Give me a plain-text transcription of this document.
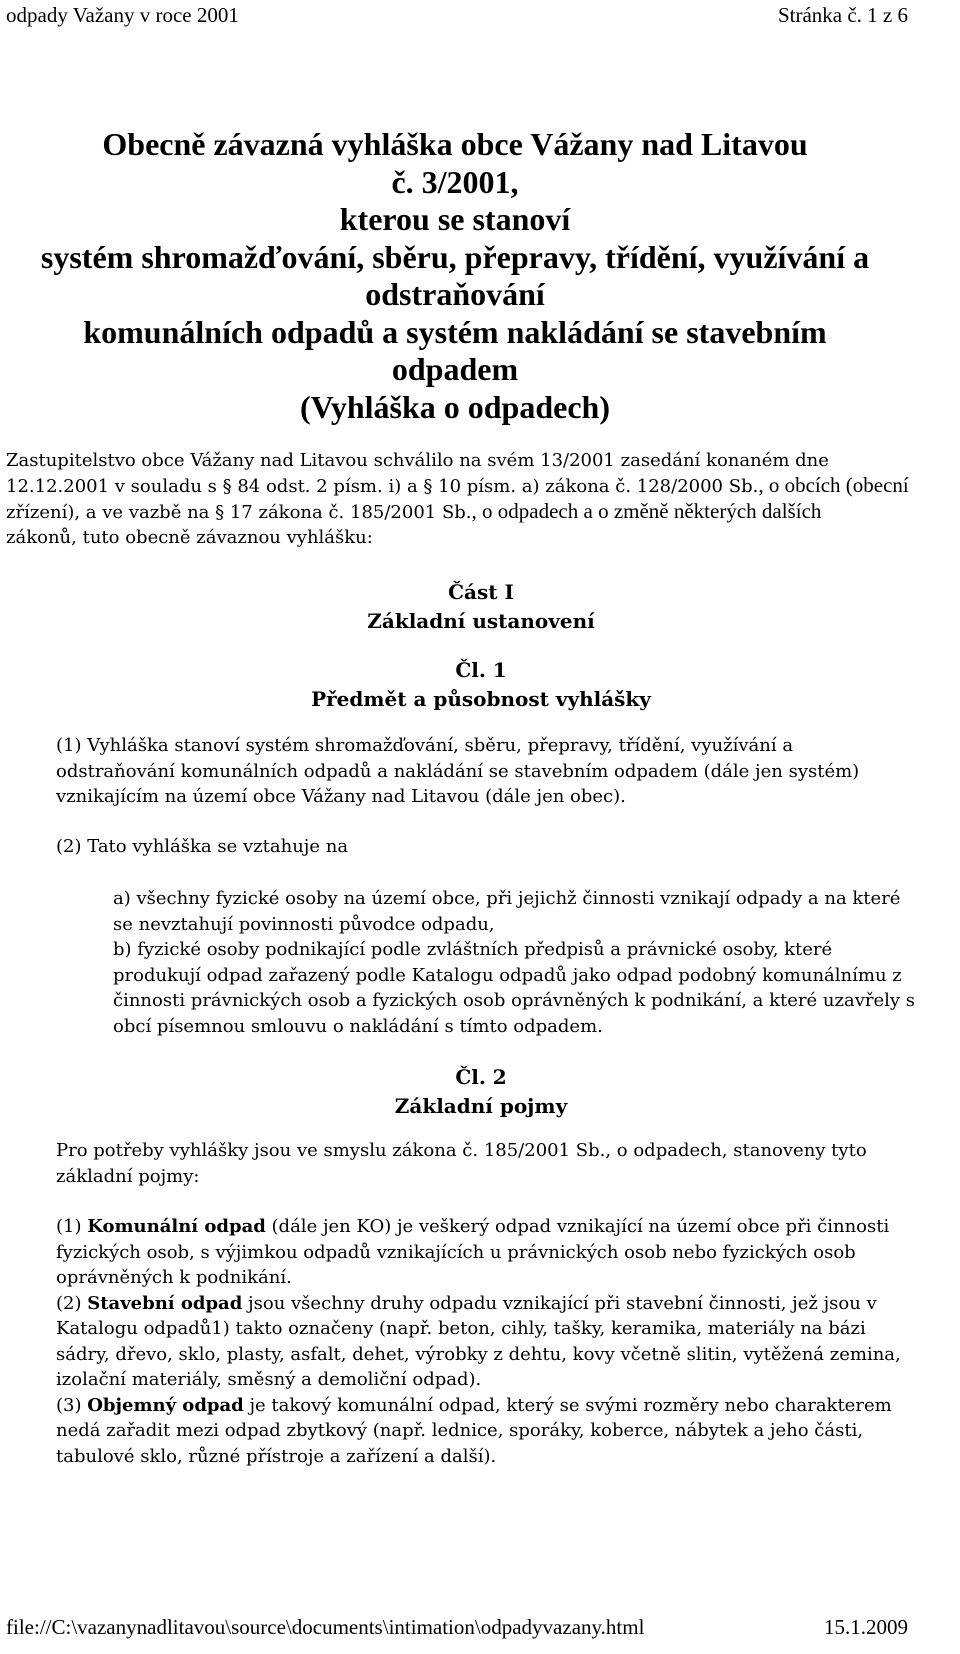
odpady Važany v roce 2001	Stránka č. 1 z 6
Obecně závazná vyhláška obce Vážany nad Litavou
č. 3/2001,
kterou se stanoví
systém shromažďování, sběru, přepravy, třídění, využívání a
odstraňování
komunálních odpadů a systém nakládání se stavebním
odpadem
(Vyhláška o odpadech)
Zastupitelstvo obce Vážany nad Litavou schválilo na svém 13/2001 zasedání konaném dne
12.12.2001 v souladu s § 84 odst. 2 písm. i) a § 10 písm. a) zákona č. 128/2000 Sb., o obcích (obecní
zřízení), a ve vazbě na § 17 zákona č. 185/2001 Sb., o odpadech a o změně některých dalších
zákonů, tuto obecně závaznou vyhlášku:
Část I
Základní ustanovení
Čl. 1
Předmět a působnost vyhlášky
(1) Vyhláška stanoví systém shromažďování, sběru, přepravy, třídění, využívání a
odstraňování komunálních odpadů a nakládání se stavebním odpadem (dále jen systém)
vznikajícím na území obce Vážany nad Litavou (dále jen obec).
(2) Tato vyhláška se vztahuje na
a) všechny fyzické osoby na území obce, při jejichž činnosti vznikají odpady a na které
se nevztahují povinnosti původce odpadu,
b) fyzické osoby podnikající podle zvláštních předpisů a právnické osoby, které
produkují odpad zařazený podle Katalogu odpadů jako odpad podobný komunálnímu z
činnosti právnických osob a fyzických osob oprávněných k podnikání, a které uzavřely s
obcí písemnou smlouvu o nakládání s tímto odpadem.
Čl. 2
Základní pojmy
Pro potřeby vyhlášky jsou ve smyslu zákona č. 185/2001 Sb., o odpadech, stanoveny tyto
základní pojmy:
(1) Komunální odpad (dále jen KO) je veškerý odpad vznikající na území obce při činnosti
fyzických osob, s výjimkou odpadů vznikajících u právnických osob nebo fyzických osob
oprávněných k podnikání.
(2) Stavební odpad jsou všechny druhy odpadu vznikající při stavební činnosti, jež jsou v
Katalogu odpadů1) takto označeny (např. beton, cihly, tašky, keramika, materiály na bázi
sádry, dřevo, sklo, plasty, asfalt, dehet, výrobky z dehtu, kovy včetně slitin, vytěžená zemina,
izolační materiály, směsný a demoliční odpad).
(3) Objemný odpad je takový komunální odpad, který se svými rozměry nebo charakterem
nedá zařadit mezi odpad zbytkový (např. lednice, sporáky, koberce, nábytek a jeho části,
tabulové sklo, různé přístroje a zařízení a další).
file://C:\vazanynadlitavou\source\documents\intimation\odpadyvazany.html	15.1.2009
